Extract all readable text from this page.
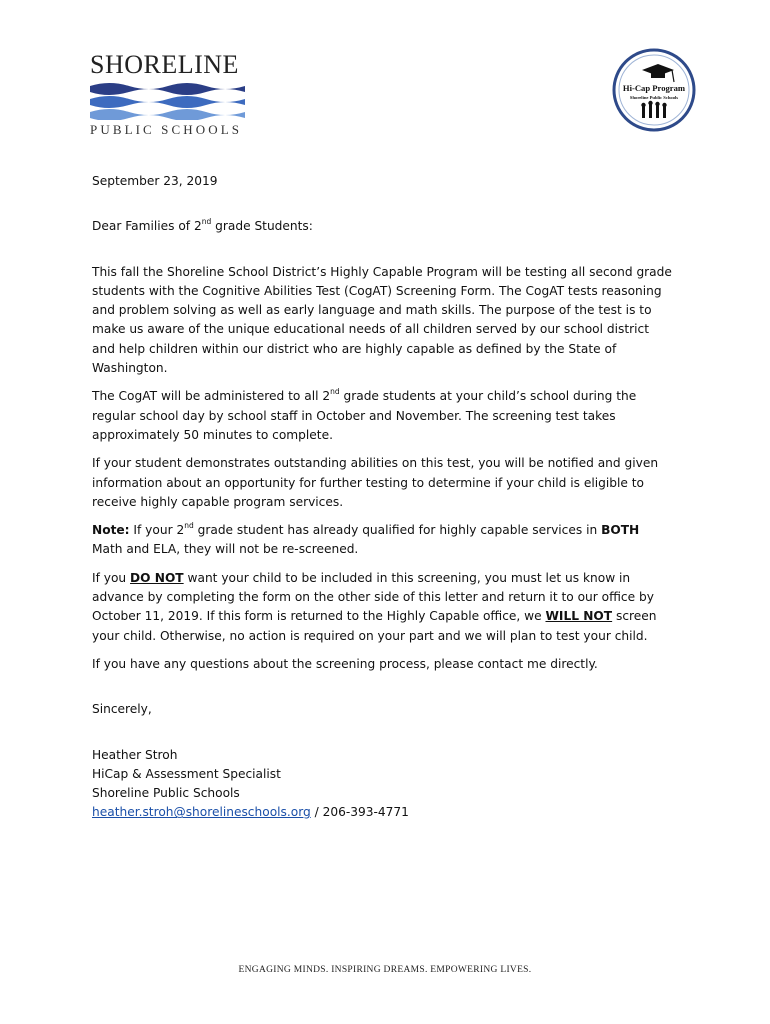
SHORELINE
PUBLIC SCHOOLS
Hi-Cap Program
Shoreline Public Schools

September 23, 2019

Dear Families of 2nd grade Students:

This fall the Shoreline School District’s Highly Capable Program will be testing all second grade students with the Cognitive Abilities Test (CogAT) Screening Form. The CogAT tests reasoning and problem solving as well as early language and math skills. The purpose of the test is to make us aware of the unique educational needs of all children served by our school district and help children within our district who are highly capable as defined by the State of Washington.

The CogAT will be administered to all 2nd grade students at your child’s school during the regular school day by school staff in October and November. The screening test takes approximately 50 minutes to complete.

If your student demonstrates outstanding abilities on this test, you will be notified and given information about an opportunity for further testing to determine if your child is eligible to receive highly capable program services.

Note: If your 2nd grade student has already qualified for highly capable services in BOTH Math and ELA, they will not be re-screened.

If you DO NOT want your child to be included in this screening, you must let us know in advance by completing the form on the other side of this letter and return it to our office by October 11, 2019. If this form is returned to the Highly Capable office, we WILL NOT screen your child. Otherwise, no action is required on your part and we will plan to test your child.

If you have any questions about the screening process, please contact me directly.

Sincerely,

Heather Stroh

HiCap & Assessment Specialist

Shoreline Public Schools

heather.stroh@shorelineschools.org / 206-393-4771

ENGAGING MINDS. INSPIRING DREAMS. EMPOWERING LIVES.
